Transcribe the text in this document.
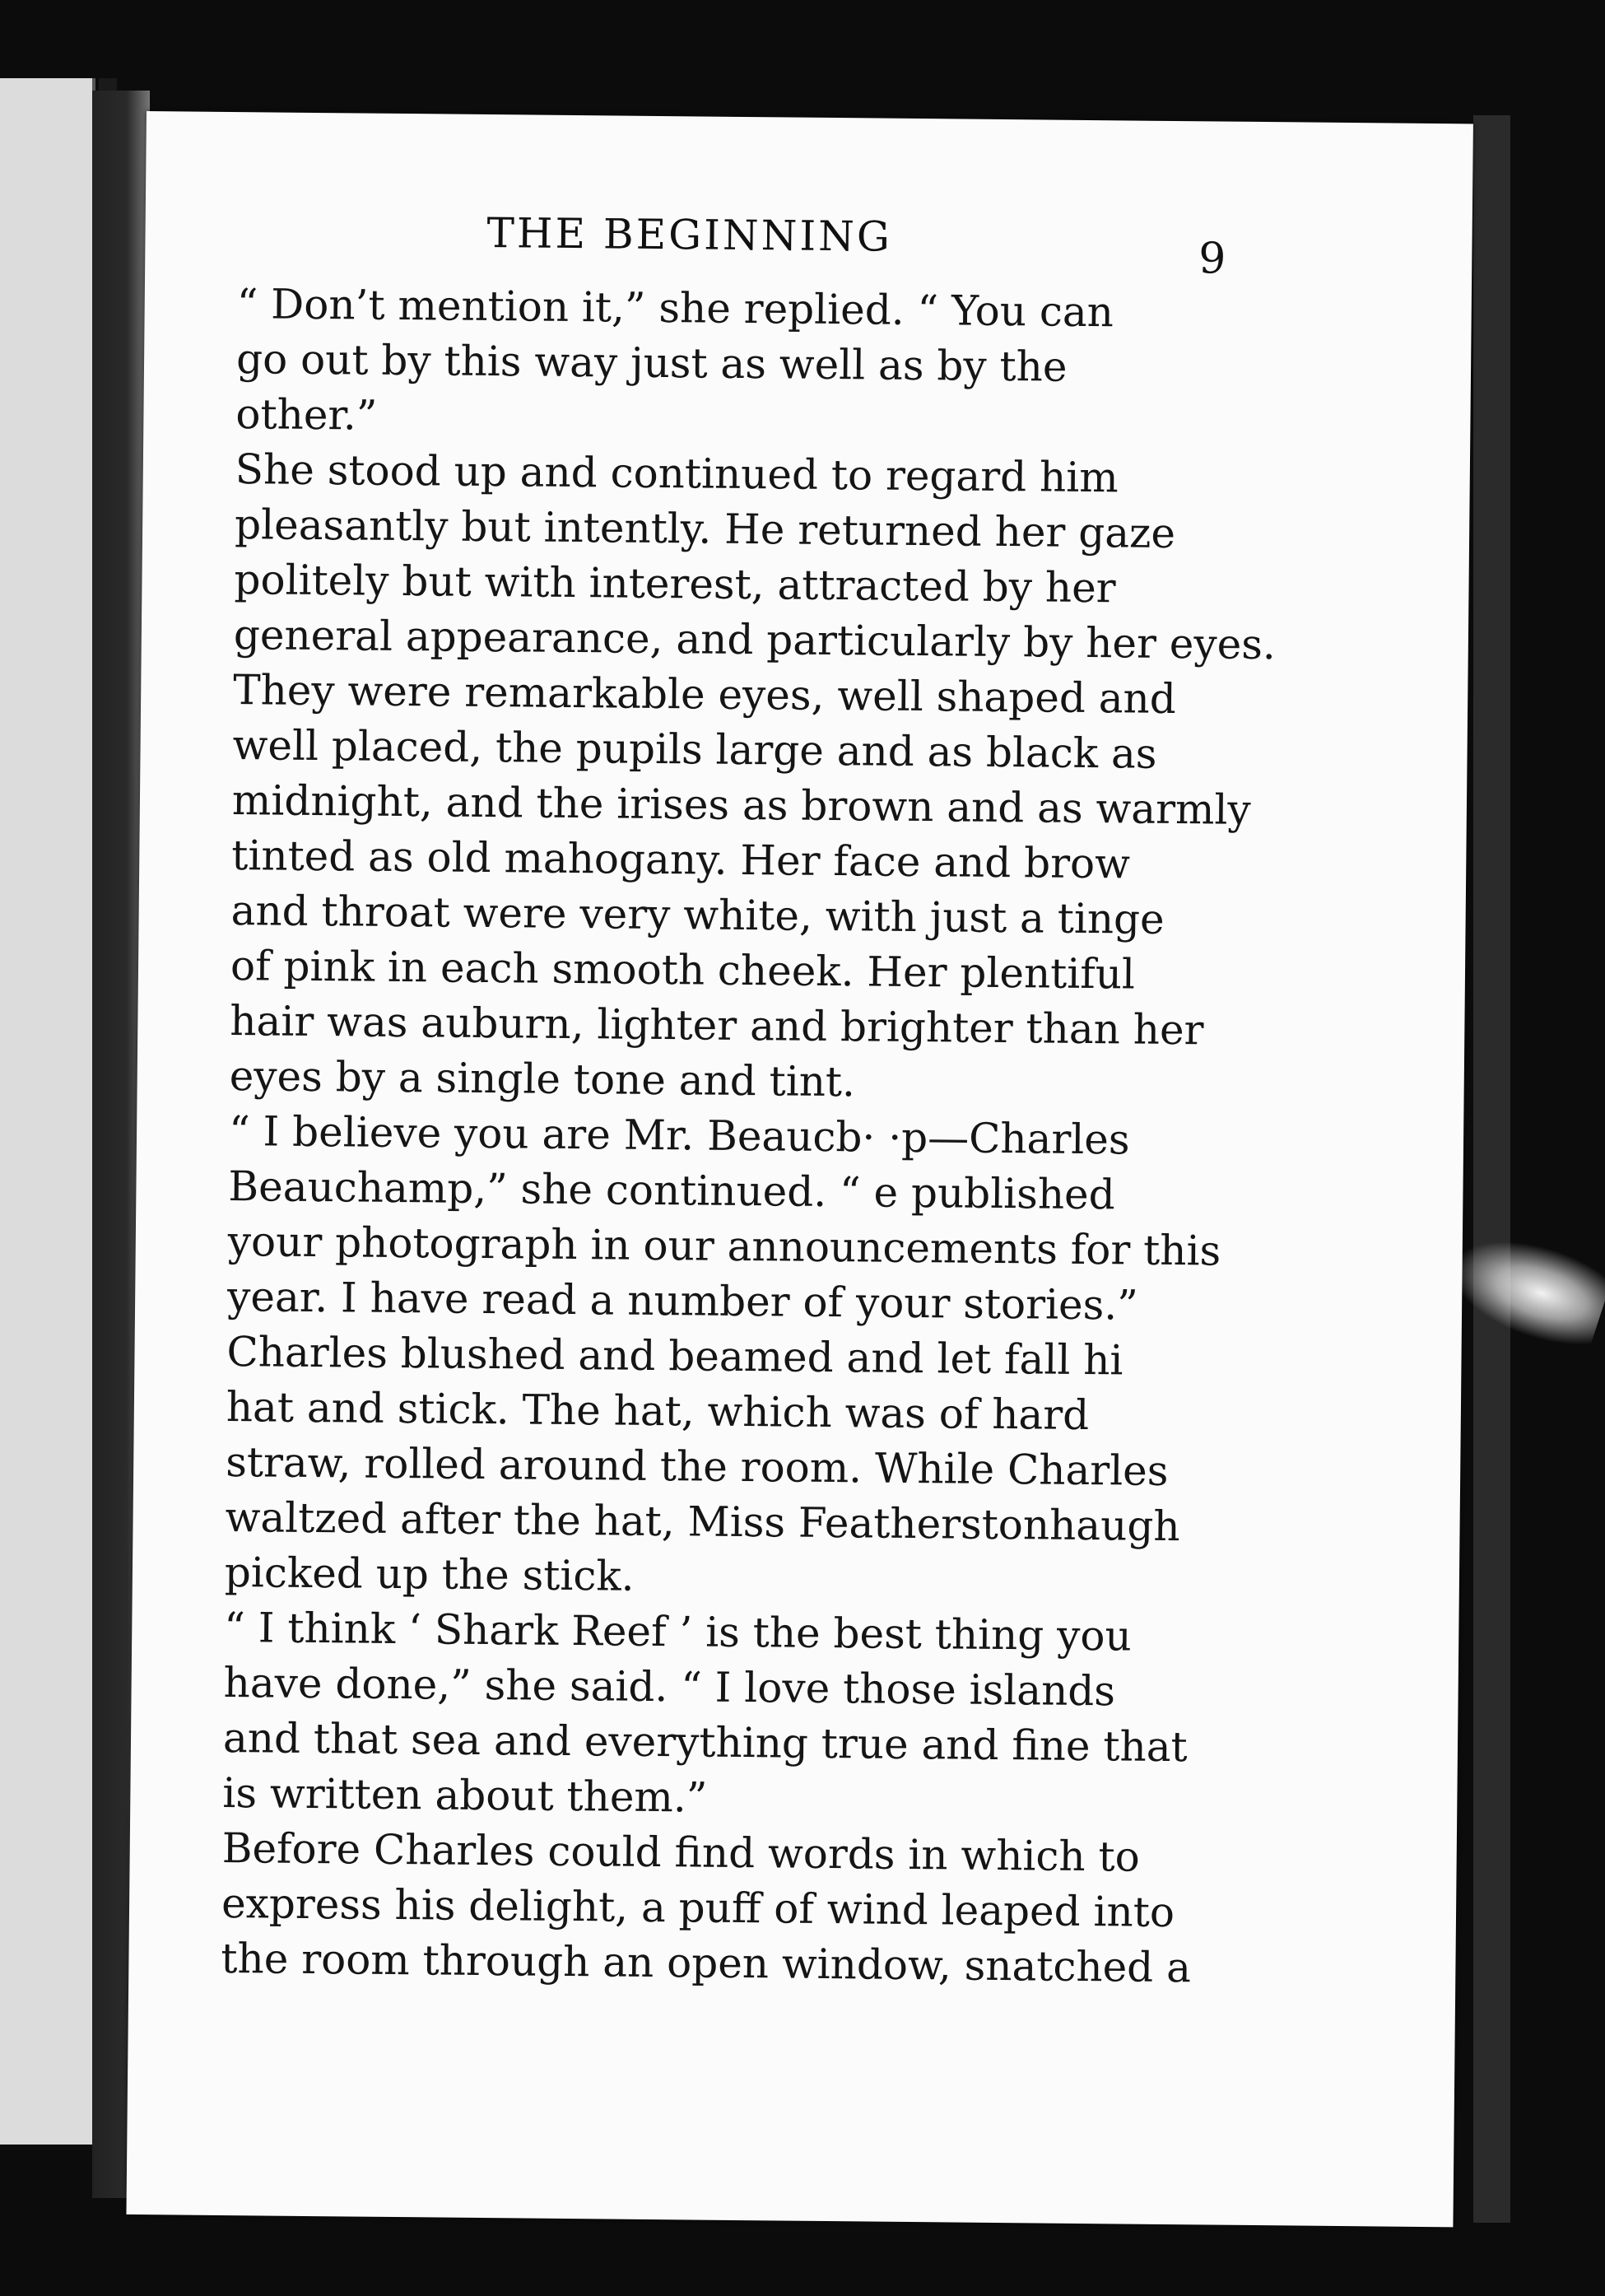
THE BEGINNING	9

“ Don’t mention it,” she replied. “ You can
go out by this way just as well as by the
other.”

She stood up and continued to regard him
pleasantly but intently. He returned her gaze
politely but with interest, attracted by her
general appearance, and particularly by her eyes.
They were remarkable eyes, well shaped and
well placed, the pupils large and as black as
midnight, and the irises as brown and as warmly
tinted as old mahogany. Her face and brow
and throat were very white, with just a tinge
of pink in each smooth cheek. Her plentiful
hair was auburn, lighter and brighter than her
eyes by a single tone and tint.

“ I believe you are Mr. Beaucb· ·p—Charles
Beauchamp,” she continued. “ e published
your photograph in our announcements for this
year. I have read a number of your stories.”

Charles blushed and beamed and let fall hi
hat and stick. The hat, which was of hard
straw, rolled around the room. While Charles
waltzed after the hat, Miss Featherstonhaugh
picked up the stick.

“ I think ‘ Shark Reef ’ is the best thing you
have done,” she said. “ I love those islands
and that sea and everything true and fine that
is written about them.”

Before Charles could find words in which to
express his delight, a puff of wind leaped into
the room through an open window, snatched a
